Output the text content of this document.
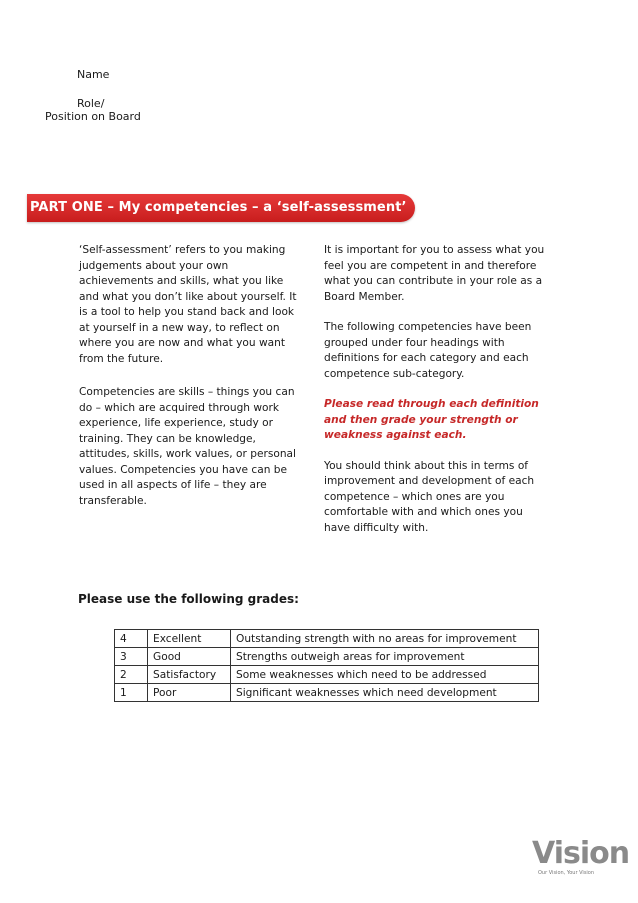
Name
Role/
Position on Board
PART ONE – My competencies – a ‘self-assessment’

‘Self-assessment’ refers to you making judgements about your own achievements and skills, what you like and what you don’t like about yourself. It is a tool to help you stand back and look at yourself in a new way, to reflect on where you are now and what you want from the future.

Competencies are skills – things you can do – which are acquired through work experience, life experience, study or training. They can be knowledge, attitudes, skills, work values, or personal values. Competencies you have can be used in all aspects of life – they are transferable.

It is important for you to assess what you feel you are competent in and therefore what you can contribute in your role as a Board Member.

The following competencies have been grouped under four headings with definitions for each category and each competence sub-category.

Please read through each definition and then grade your strength or weakness against each.

You should think about this in terms of improvement and development of each competence – which ones are you comfortable with and which ones you have difficulty with.

Please use the following grades:
4	Excellent	Outstanding strength with no areas for improvement
3	Good	Strengths outweigh areas for improvement
2	Satisfactory	Some weaknesses which need to be addressed
1	Poor	Significant weaknesses which need development
Vision
Our Vision, Your Vision
